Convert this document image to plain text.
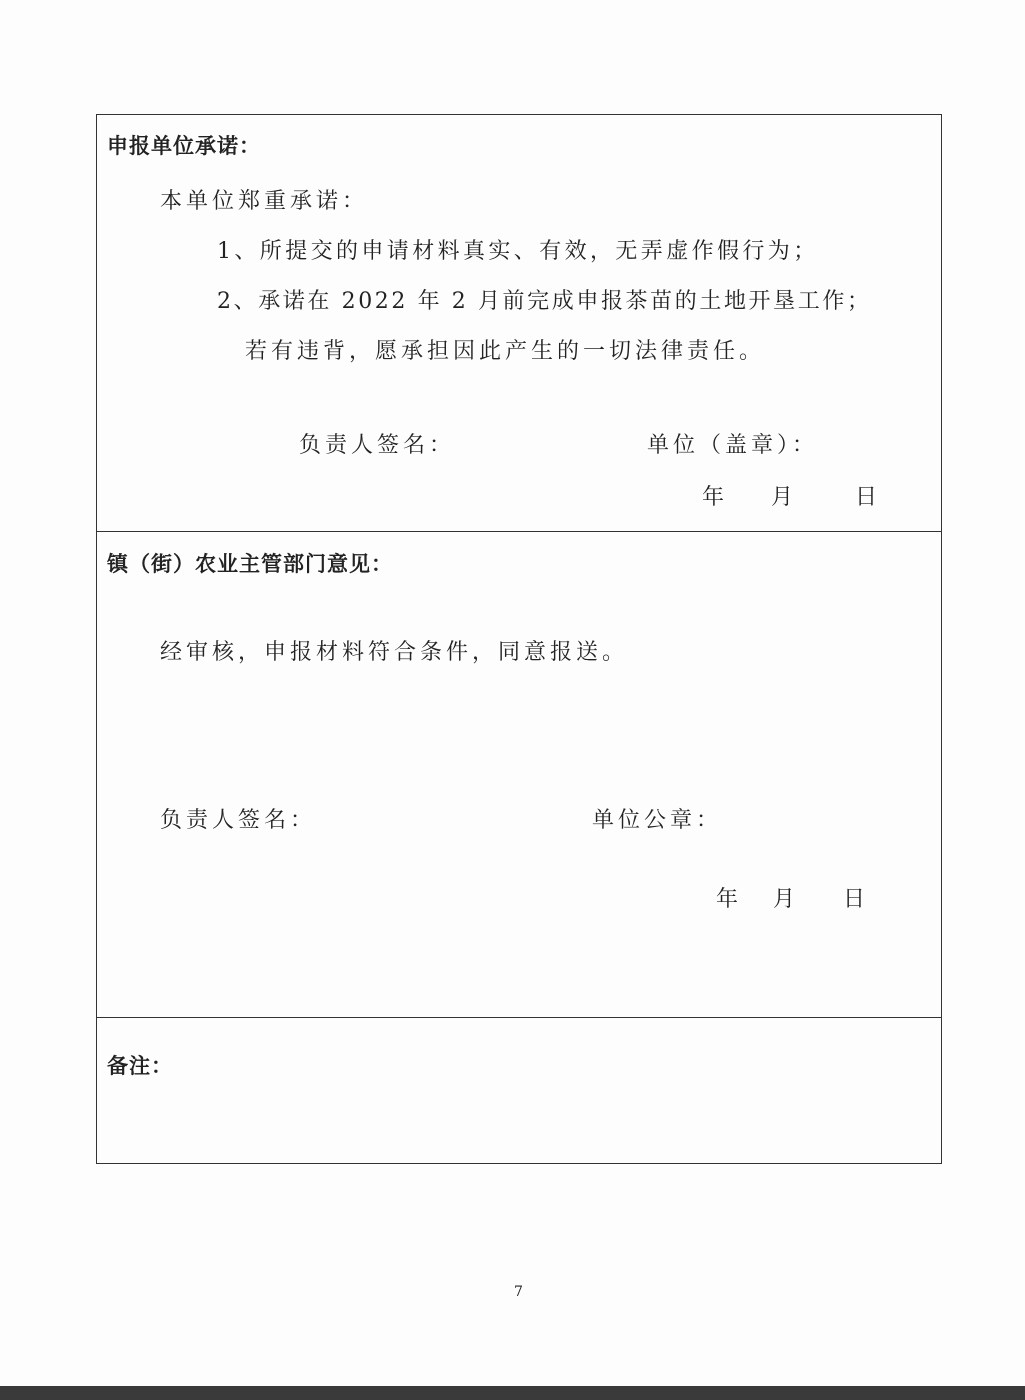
申报单位承诺：
本单位郑重承诺：
1、所提交的申请材料真实、有效，无弄虚作假行为；
2、承诺在 2022 年 2 月前完成申报茶苗的土地开垦工作；
若有违背，愿承担因此产生的一切法律责任。
负责人签名：	单位（盖章）：
年 月	日
镇（街）农业主管部门意见：
经审核，申报材料符合条件，同意报送。
负责人签名：	单位公章：
年 月 日
备注：
7
